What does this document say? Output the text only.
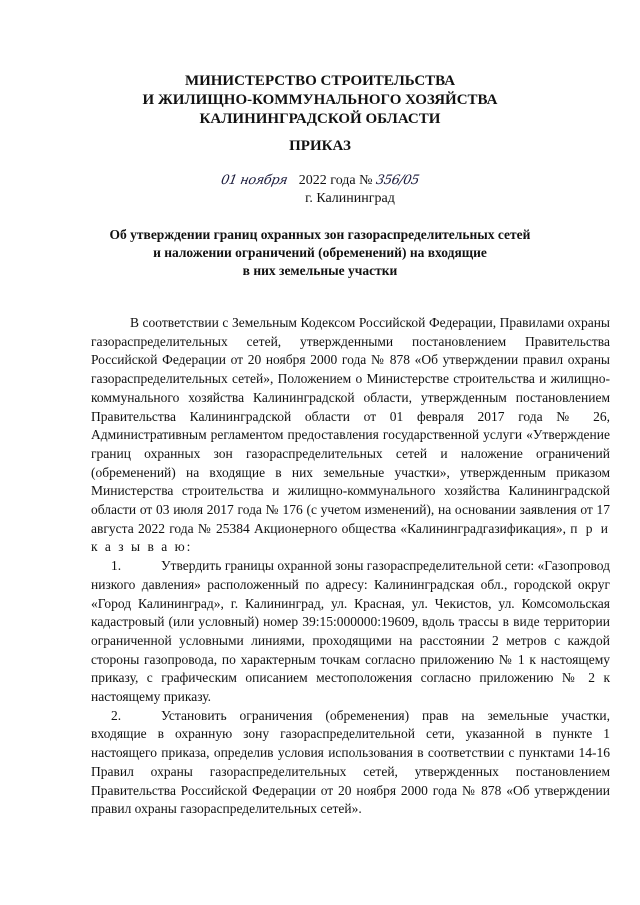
МИНИСТЕРСТВО СТРОИТЕЛЬСТВА
И ЖИЛИЩНО-КОММУНАЛЬНОГО ХОЗЯЙСТВА
КАЛИНИНГРАДСКОЙ ОБЛАСТИ
ПРИКАЗ
01 ноября 2022 года № 356/05
г. Калининград
Об утверждении границ охранных зон газораспределительных сетей
и наложении ограничений (обременений) на входящие
в них земельные участки

В соответствии с Земельным Кодексом Российской Федерации, Правилами охраны газораспределительных сетей, утвержденными постановлением Правительства Российской Федерации от 20 ноября 2000 года № 878 «Об утверждении правил охраны газораспределительных сетей», Положением о Министерстве строительства и жилищно-коммунального хозяйства Калининградской области, утвержденным постановлением Правительства Калининградской области от 01 февраля 2017 года № 26, Административным регламентом предоставления государственной услуги «Утверждение границ охранных зон газораспределительных сетей и наложение ограничений (обременений) на входящие в них земельные участки», утвержденным приказом Министерства строительства и жилищно-коммунального хозяйства Калининградской области от 03 июля 2017 года № 176 (с учетом изменений), на основании заявления от 17 августа 2022 года № 25384 Акционерного общества «Калининградгазификация», п р и к а з ы в а ю:

1.	Утвердить границы охранной зоны газораспределительной сети: «Газопровод низкого давления» расположенный по адресу: Калининградская обл., городской округ «Город Калининград», г. Калининград, ул. Красная, ул. Чекистов, ул. Комсомольская кадастровый (или условный) номер 39:15:000000:19609, вдоль трассы в виде территории ограниченной условными линиями, проходящими на расстоянии 2 метров с каждой стороны газопровода, по характерным точкам согласно приложению № 1 к настоящему приказу, с графическим описанием местоположения согласно приложению № 2 к настоящему приказу.

2.	Установить ограничения (обременения) прав на земельные участки, входящие в охранную зону газораспределительной сети, указанной в пункте 1 настоящего приказа, определив условия использования в соответствии с пунктами 14-16 Правил охраны газораспределительных сетей, утвержденных постановлением Правительства Российской Федерации от 20 ноября 2000 года № 878 «Об утверждении правил охраны газораспределительных сетей».
